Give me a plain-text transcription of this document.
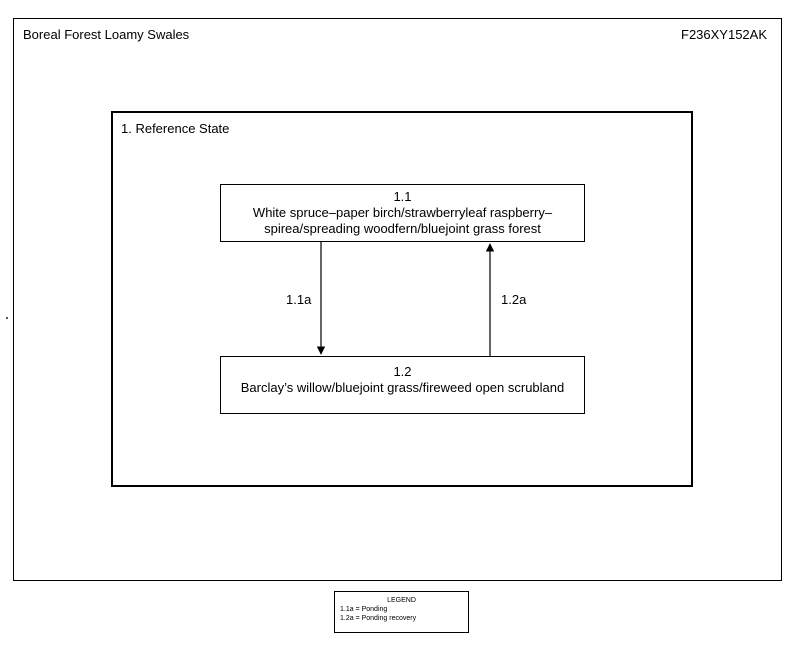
Boreal Forest Loamy Swales	F236XY152AK
1. Reference State
1.1
White spruce–paper birch/strawberryleaf raspberry–
spirea/spreading woodfern/bluejoint grass forest
1.2
Barclay’s willow/bluejoint grass/fireweed open scrubland
1.1a	1.2a
LEGEND
1.1a = Ponding
1.2a = Ponding recovery
